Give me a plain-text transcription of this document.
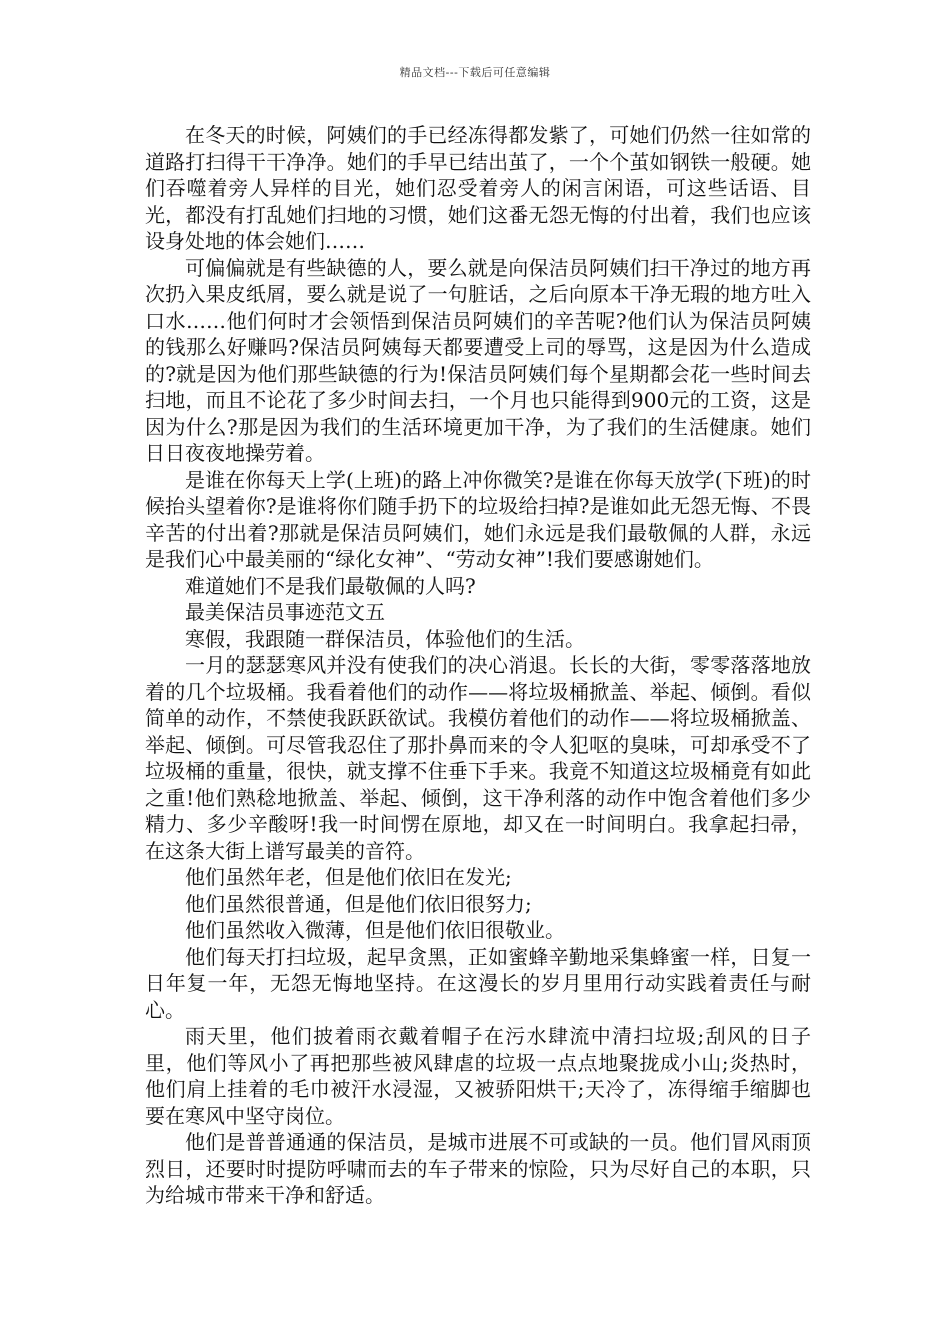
精品文档---下载后可任意编辑

在冬天的时候，阿姨们的手已经冻得都发紫了，可她们仍然一往如常的道路打扫得干干净净。她们的手早已结出茧了，一个个茧如钢铁一般硬。她们吞噬着旁人异样的目光，她们忍受着旁人的闲言闲语，可这些话语、目光，都没有打乱她们扫地的习惯，她们这番无怨无悔的付出着，我们也应该设身处地的体会她们……

可偏偏就是有些缺德的人，要么就是向保洁员阿姨们扫干净过的地方再次扔入果皮纸屑，要么就是说了一句脏话，之后向原本干净无瑕的地方吐入口水……他们何时才会领悟到保洁员阿姨们的辛苦呢?他们认为保洁员阿姨的钱那么好赚吗?保洁员阿姨每天都要遭受上司的辱骂，这是因为什么造成的?就是因为他们那些缺德的行为!保洁员阿姨们每个星期都会花一些时间去扫地，而且不论花了多少时间去扫，一个月也只能得到900元的工资，这是因为什么?那是因为我们的生活环境更加干净，为了我们的生活健康。她们日日夜夜地操劳着。

是谁在你每天上学(上班)的路上冲你微笑?是谁在你每天放学(下班)的时候抬头望着你?是谁将你们随手扔下的垃圾给扫掉?是谁如此无怨无悔、不畏辛苦的付出着?那就是保洁员阿姨们，她们永远是我们最敬佩的人群，永远是我们心中最美丽的“绿化女神”、“劳动女神”!我们要感谢她们。

难道她们不是我们最敬佩的人吗?

最美保洁员事迹范文五

寒假，我跟随一群保洁员，体验他们的生活。

一月的瑟瑟寒风并没有使我们的决心消退。长长的大街，零零落落地放着的几个垃圾桶。我看着他们的动作——将垃圾桶掀盖、举起、倾倒。看似简单的动作，不禁使我跃跃欲试。我模仿着他们的动作——将垃圾桶掀盖、举起、倾倒。可尽管我忍住了那扑鼻而来的令人犯呕的臭味，可却承受不了垃圾桶的重量，很快，就支撑不住垂下手来。我竟不知道这垃圾桶竟有如此之重!他们熟稔地掀盖、举起、倾倒，这干净利落的动作中饱含着他们多少精力、多少辛酸呀!我一时间愣在原地，却又在一时间明白。我拿起扫帚，在这条大街上谱写最美的音符。

他们虽然年老，但是他们依旧在发光;

他们虽然很普通，但是他们依旧很努力;

他们虽然收入微薄，但是他们依旧很敬业。

他们每天打扫垃圾，起早贪黑，正如蜜蜂辛勤地采集蜂蜜一样，日复一日年复一年，无怨无悔地坚持。在这漫长的岁月里用行动实践着责任与耐心。

雨天里，他们披着雨衣戴着帽子在污水肆流中清扫垃圾;刮风的日子里，他们等风小了再把那些被风肆虐的垃圾一点点地聚拢成小山;炎热时，他们肩上挂着的毛巾被汗水浸湿，又被骄阳烘干;天冷了，冻得缩手缩脚也要在寒风中坚守岗位。

他们是普普通通的保洁员，是城市进展不可或缺的一员。他们冒风雨顶烈日，还要时时提防呼啸而去的车子带来的惊险，只为尽好自己的本职，只为给城市带来干净和舒适。
